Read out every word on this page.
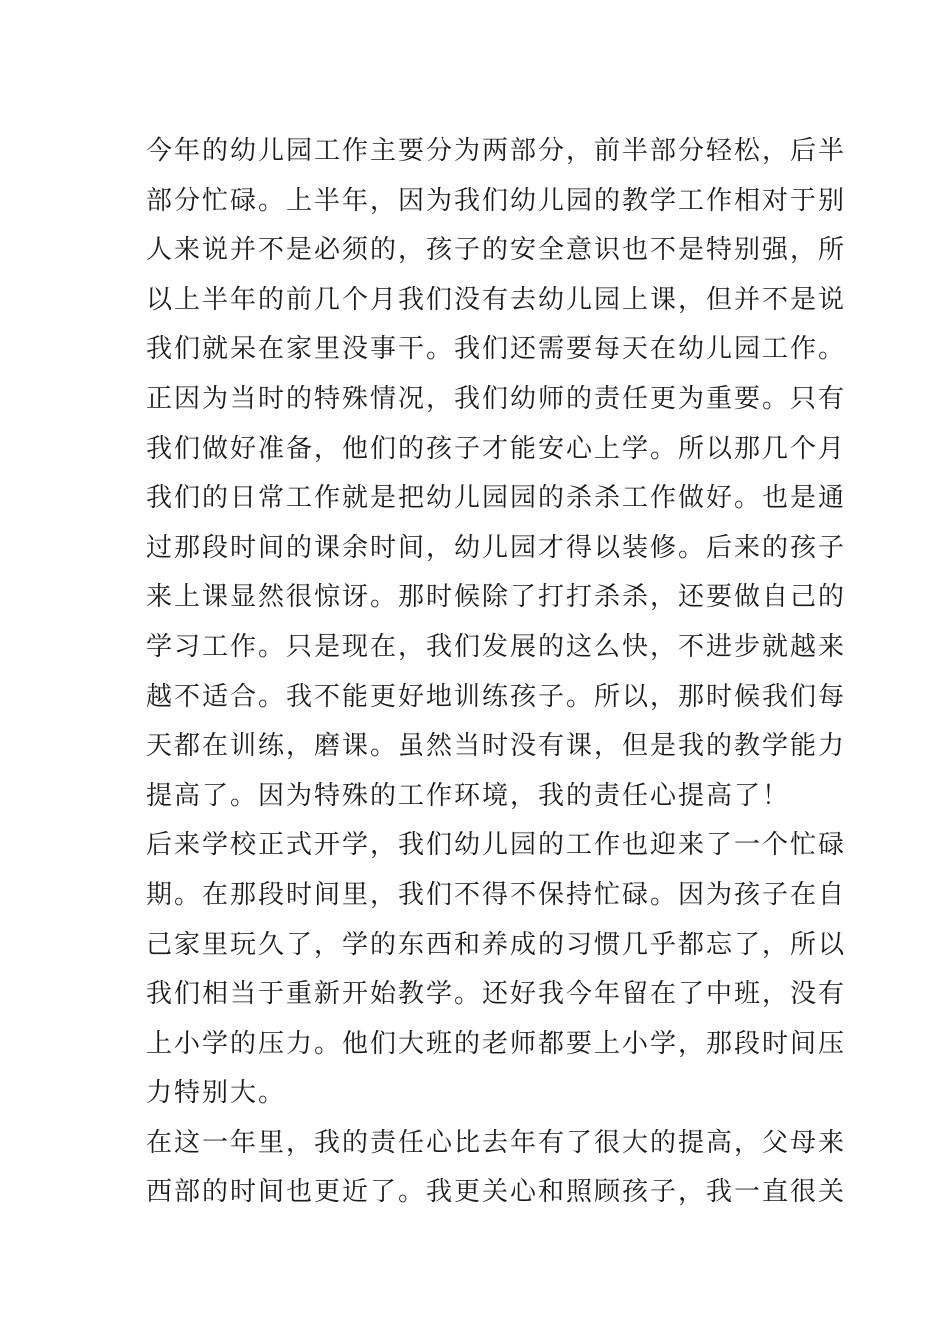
今年的幼儿园工作主要分为两部分，前半部分轻松，后半
部分忙碌。上半年，因为我们幼儿园的教学工作相对于别
人来说并不是必须的，孩子的安全意识也不是特别强，所
以上半年的前几个月我们没有去幼儿园上课，但并不是说
我们就呆在家里没事干。我们还需要每天在幼儿园工作。
正因为当时的特殊情况，我们幼师的责任更为重要。只有
我们做好准备，他们的孩子才能安心上学。所以那几个月
我们的日常工作就是把幼儿园园的杀杀工作做好。也是通
过那段时间的课余时间，幼儿园才得以装修。后来的孩子
来上课显然很惊讶。那时候除了打打杀杀，还要做自己的
学习工作。只是现在，我们发展的这么快，不进步就越来
越不适合。我不能更好地训练孩子。所以，那时候我们每
天都在训练，磨课。虽然当时没有课，但是我的教学能力
提高了。因为特殊的工作环境，我的责任心提高了！
后来学校正式开学，我们幼儿园的工作也迎来了一个忙碌
期。在那段时间里，我们不得不保持忙碌。因为孩子在自
己家里玩久了，学的东西和养成的习惯几乎都忘了，所以
我们相当于重新开始教学。还好我今年留在了中班，没有
上小学的压力。他们大班的老师都要上小学，那段时间压
力特别大。
在这一年里，我的责任心比去年有了很大的提高，父母来
西部的时间也更近了。我更关心和照顾孩子，我一直很关
